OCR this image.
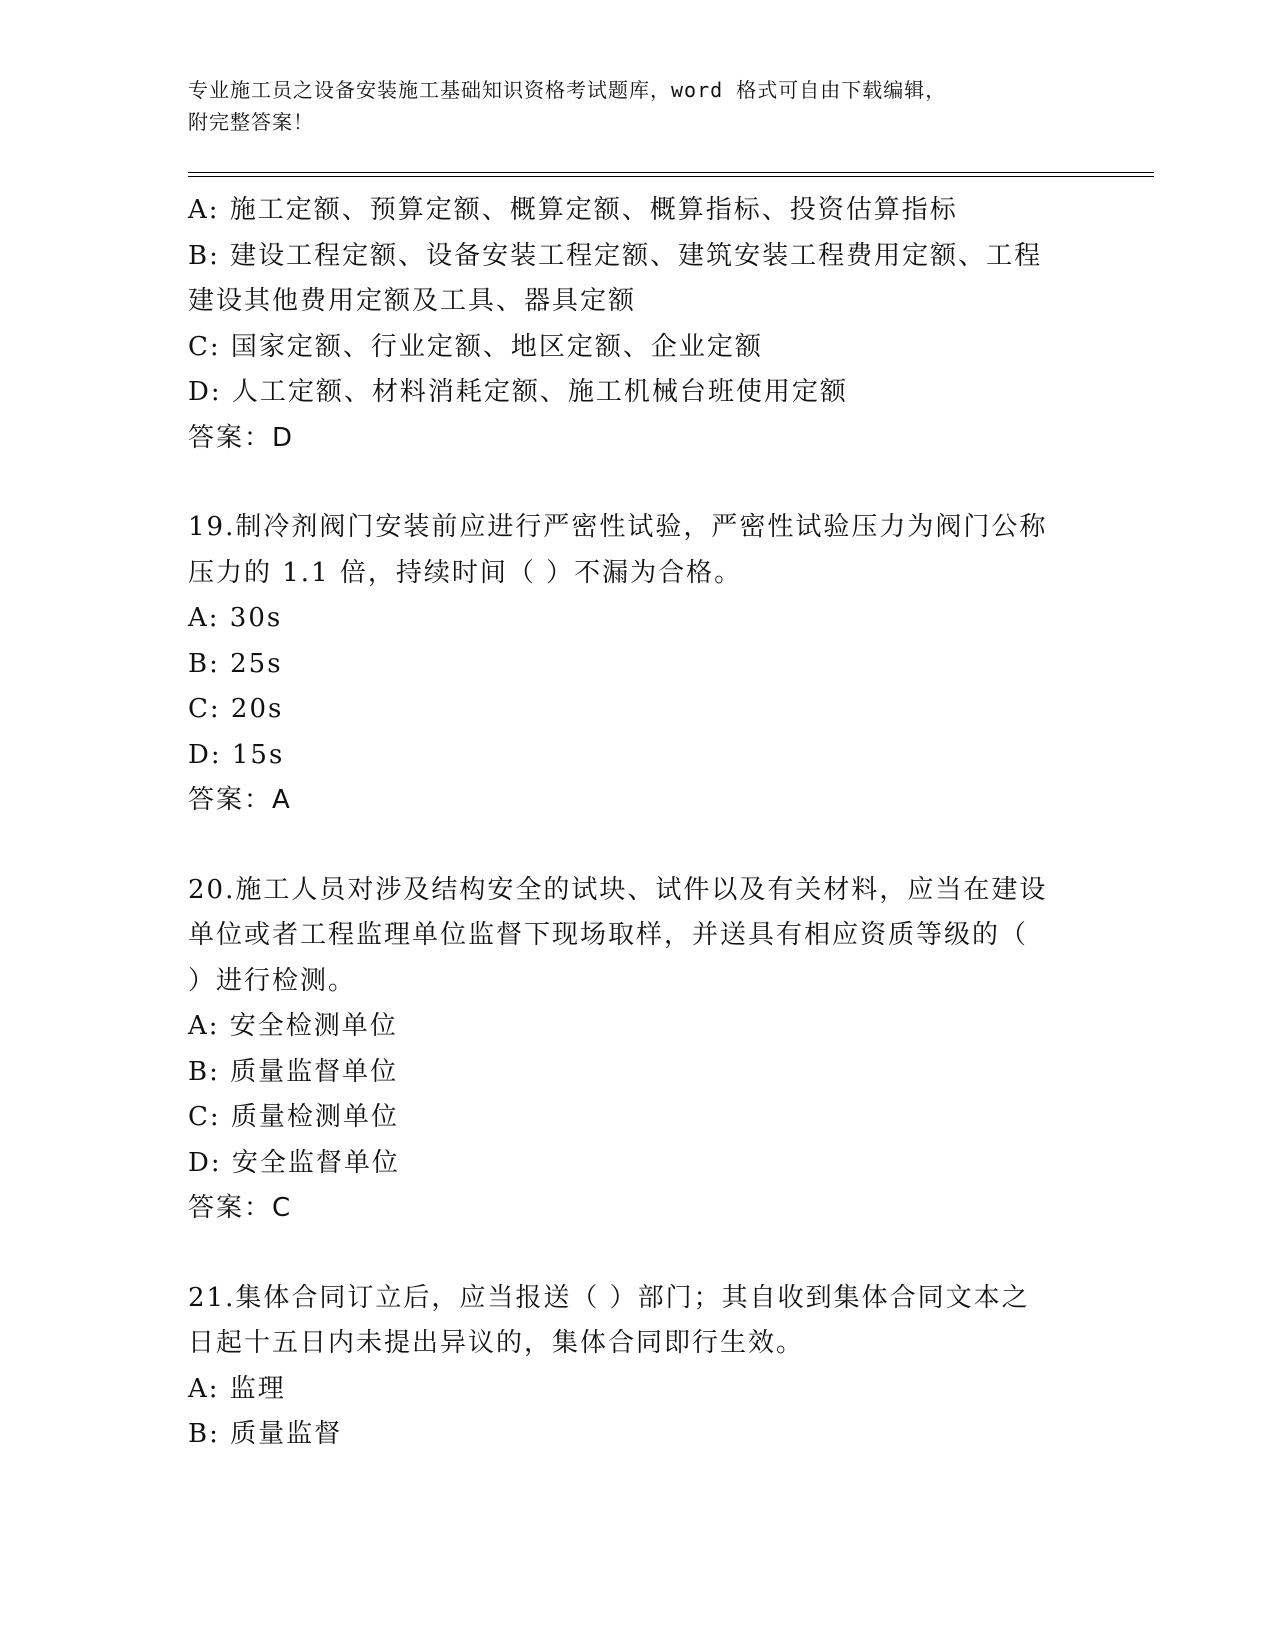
专业施工员之设备安装施工基础知识资格考试题库，word 格式可自由下载编辑，
附完整答案！
A: 施工定额、预算定额、概算定额、概算指标、投资估算指标
B: 建设工程定额、设备安装工程定额、建筑安装工程费用定额、工程
建设其他费用定额及工具、器具定额
C: 国家定额、行业定额、地区定额、企业定额
D: 人工定额、材料消耗定额、施工机械台班使用定额
答案：D
19.制冷剂阀门安装前应进行严密性试验，严密性试验压力为阀门公称
压力的 1.1 倍，持续时间（ ）不漏为合格。
A: 30s
B: 25s
C: 20s
D: 15s
答案：A
20.施工人员对涉及结构安全的试块、试件以及有关材料，应当在建设
单位或者工程监理单位监督下现场取样，并送具有相应资质等级的（
）进行检测。
A: 安全检测单位
B: 质量监督单位
C: 质量检测单位
D: 安全监督单位
答案：C
21.集体合同订立后，应当报送（ ）部门；其自收到集体合同文本之
日起十五日内未提出异议的，集体合同即行生效。
A: 监理
B: 质量监督
